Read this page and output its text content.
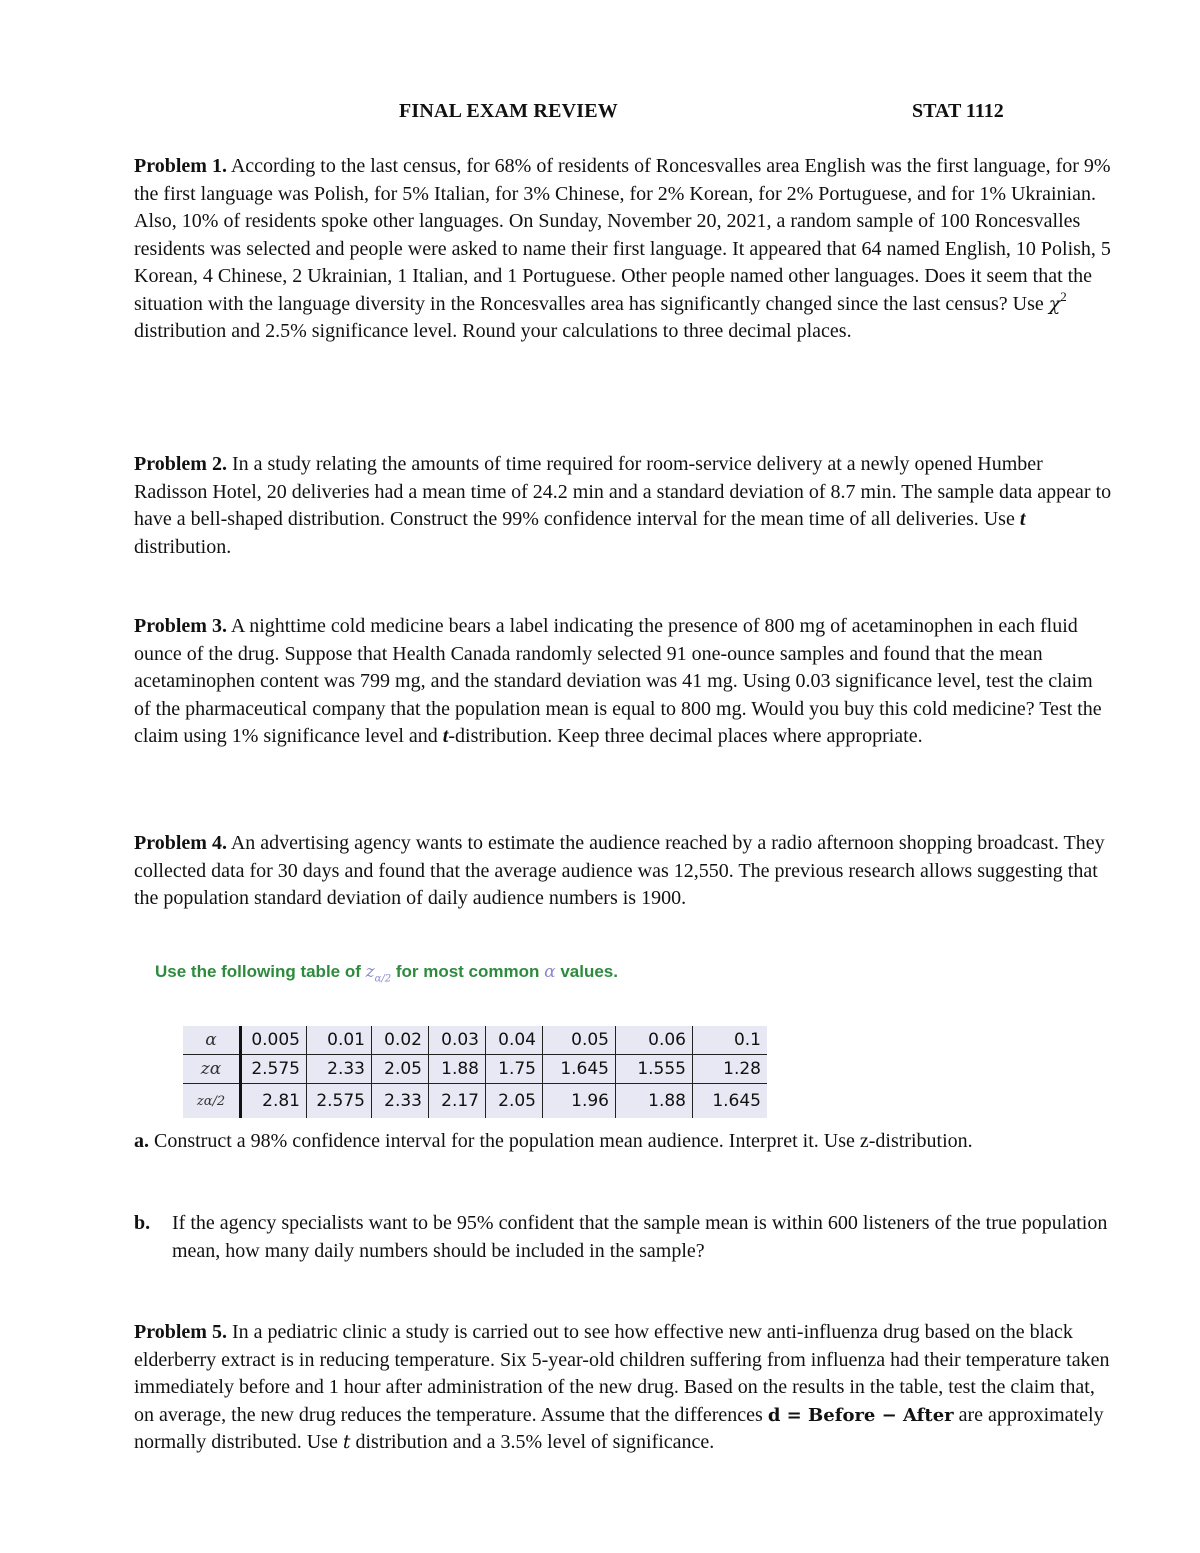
FINAL EXAM REVIEW	STAT 1112
Problem 1. According to the last census, for 68% of residents of Roncesvalles area English was the first language, for 9% the first language was Polish, for 5% Italian, for 3% Chinese, for 2% Korean, for 2% Portuguese, and for 1% Ukrainian. Also, 10% of residents spoke other languages. On Sunday, November 20, 2021, a random sample of 100 Roncesvalles residents was selected and people were asked to name their first language. It appeared that 64 named English, 10 Polish, 5 Korean, 4 Chinese, 2 Ukrainian, 1 Italian, and 1 Portuguese. Other people named other languages. Does it seem that the situation with the language diversity in the Roncesvalles area has significantly changed since the last census? Use $\chi^2$ distribution and 2.5% significance level. Round your calculations to three decimal places.
Problem 2. In a study relating the amounts of time required for room-service delivery at a newly opened Humber Radisson Hotel, 20 deliveries had a mean time of 24.2 min and a standard deviation of 8.7 min. The sample data appear to have a bell-shaped distribution. Construct the 99% confidence interval for the mean time of all deliveries. Use t distribution.
Problem 3. A nighttime cold medicine bears a label indicating the presence of 800 mg of acetaminophen in each fluid ounce of the drug. Suppose that Health Canada randomly selected 91 one-ounce samples and found that the mean acetaminophen content was 799 mg, and the standard deviation was 41 mg. Using 0.03 significance level, test the claim of the pharmaceutical company that the population mean is equal to 800 mg. Would you buy this cold medicine? Test the claim using 1% significance level and t-distribution. Keep three decimal places where appropriate.
Problem 4. An advertising agency wants to estimate the audience reached by a radio afternoon shopping broadcast. They collected data for 30 days and found that the average audience was 12,550. The previous research allows suggesting that the population standard deviation of daily audience numbers is 1900.
Use the following table of $z_{\alpha/2}$ for most common α values.
α	0.005	0.01	0.02	0.03	0.04	0.05	0.06	0.1
zα	2.575	2.33	2.05	1.88	1.75	1.645	1.555	1.28
zα/2	2.81	2.575	2.33	2.17	2.05	1.96	1.88	1.645
a. Construct a 98% confidence interval for the population mean audience. Interpret it. Use z-distribution.
b. If the agency specialists want to be 95% confident that the sample mean is within 600 listeners of the true population mean, how many daily numbers should be included in the sample?
Problem 5. In a pediatric clinic a study is carried out to see how effective new anti-influenza drug based on the black elderberry extract is in reducing temperature. Six 5-year-old children suffering from influenza had their temperature taken immediately before and 1 hour after administration of the new drug. Based on the results in the table, test the claim that, on average, the new drug reduces the temperature. Assume that the differences d = Before − After are approximately normally distributed. Use t distribution and a 3.5% level of significance.
